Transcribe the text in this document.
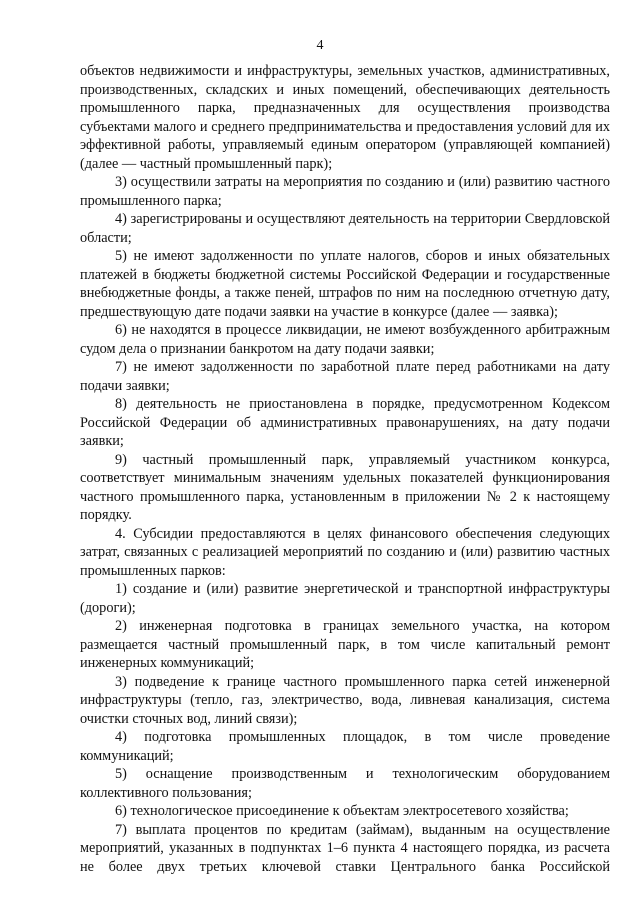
4

объектов недвижимости и инфраструктуры, земельных участков, административных, производственных, складских и иных помещений, обеспечивающих деятельность промышленного парка, предназначенных для осуществления производства субъектами малого и среднего предпринимательства и предоставления условий для их эффективной работы, управляемый единым оператором (управляющей компанией) (далее — частный промышленный парк);

3) осуществили затраты на мероприятия по созданию и (или) развитию частного промышленного парка;

4) зарегистрированы и осуществляют деятельность на территории Свердловской области;

5) не имеют задолженности по уплате налогов, сборов и иных обязательных платежей в бюджеты бюджетной системы Российской Федерации и государственные внебюджетные фонды, а также пеней, штрафов по ним на последнюю отчетную дату, предшествующую дате подачи заявки на участие в конкурсе (далее — заявка);

6) не находятся в процессе ликвидации, не имеют возбужденного арбитражным судом дела о признании банкротом на дату подачи заявки;

7) не имеют задолженности по заработной плате перед работниками на дату подачи заявки;

8) деятельность не приостановлена в порядке, предусмотренном Кодексом Российской Федерации об административных правонарушениях, на дату подачи заявки;

9) частный промышленный парк, управляемый участником конкурса, соответствует минимальным значениям удельных показателей функционирования частного промышленного парка, установленным в приложении № 2 к настоящему порядку.

4. Субсидии предоставляются в целях финансового обеспечения следующих затрат, связанных с реализацией мероприятий по созданию и (или) развитию частных промышленных парков:

1) создание и (или) развитие энергетической и транспортной инфраструктуры (дороги);

2) инженерная подготовка в границах земельного участка, на котором размещается частный промышленный парк, в том числе капитальный ремонт инженерных коммуникаций;

3) подведение к границе частного промышленного парка сетей инженерной инфраструктуры (тепло, газ, электричество, вода, ливневая канализация, система очистки сточных вод, линий связи);

4) подготовка промышленных площадок, в том числе проведение коммуникаций;

5) оснащение производственным и технологическим оборудованием коллективного пользования;

6) технологическое присоединение к объектам электросетевого хозяйства;

7) выплата процентов по кредитам (займам), выданным на осуществление мероприятий, указанных в подпунктах 1–6 пункта 4 настоящего порядка, из расчета не более двух третьих ключевой ставки Центрального банка Российской
